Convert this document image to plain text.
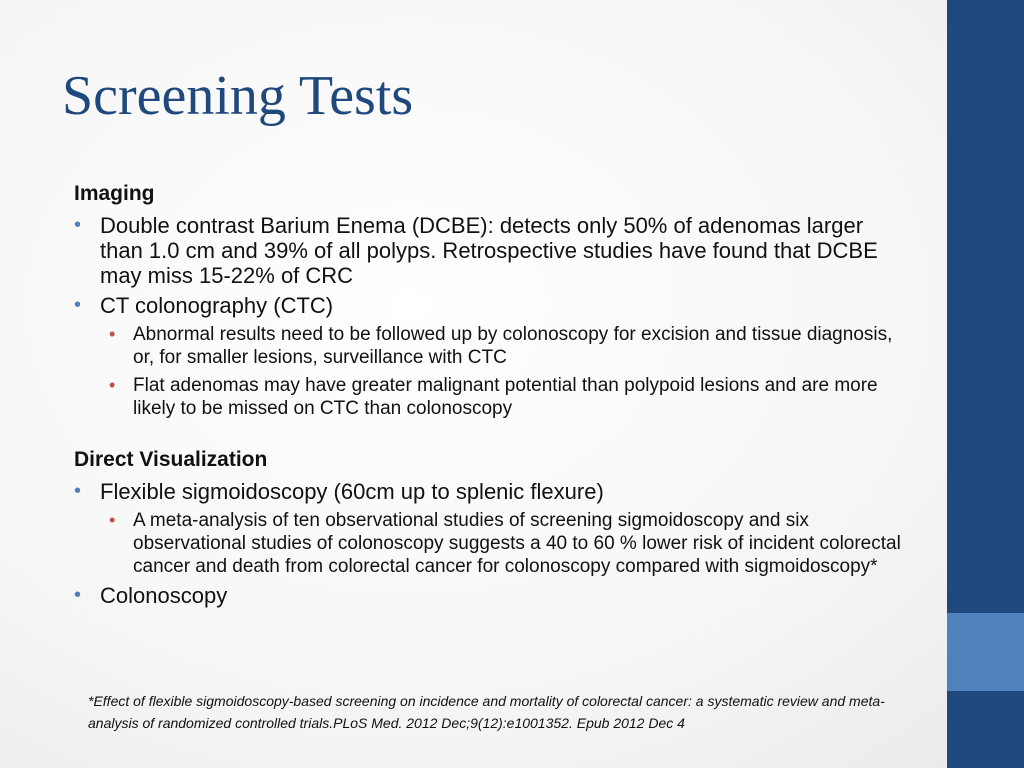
Screening Tests
Imaging
• Double contrast Barium Enema (DCBE): detects only 50% of adenomas larger than 1.0 cm and 39% of all polyps. Retrospective studies have found that DCBE may miss 15-22% of CRC
• CT colonography (CTC)
• Abnormal results need to be followed up by colonoscopy for excision and tissue diagnosis, or, for smaller lesions, surveillance with CTC
• Flat adenomas may have greater malignant potential than polypoid lesions and are more likely to be missed on CTC than colonoscopy
Direct Visualization
• Flexible sigmoidoscopy (60cm up to splenic flexure)
• A meta-analysis of ten observational studies of screening sigmoidoscopy and six observational studies of colonoscopy suggests a 40 to 60 % lower risk of incident colorectal cancer and death from colorectal cancer for colonoscopy compared with sigmoidoscopy*
• Colonoscopy
*Effect of flexible sigmoidoscopy-based screening on incidence and mortality of colorectal cancer: a systematic review and meta-analysis of randomized controlled trials.PLoS Med. 2012 Dec;9(12):e1001352. Epub 2012 Dec 4
